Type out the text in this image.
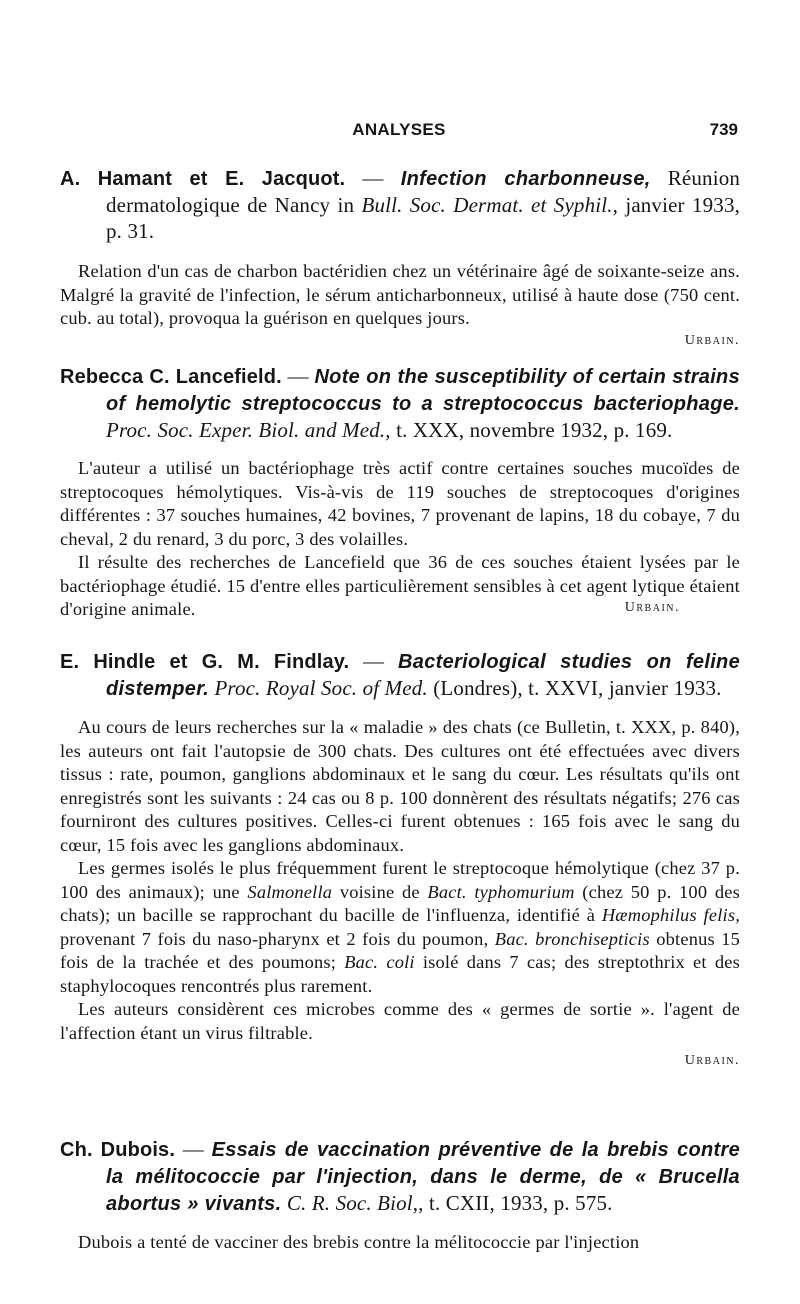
ANALYSES	739

A. Hamant et E. Jacquot. — Infection charbonneuse, Réunion dermatologique de Nancy in Bull. Soc. Dermat. et Syphil., janvier 1933, p. 31.

Relation d'un cas de charbon bactéridien chez un vétérinaire âgé de soixante-seize ans. Malgré la gravité de l'infection, le sérum anticharbonneux, utilisé à haute dose (750 cent. cub. au total), provoqua la guérison en quelques jours.

Urbain.

Rebecca C. Lancefield. — Note on the susceptibility of certain strains of hemolytic streptococcus to a streptococcus bacteriophage. Proc. Soc. Exper. Biol. and Med., t. XXX, novembre 1932, p. 169.

L'auteur a utilisé un bactériophage très actif contre certaines souches mucoïdes de streptocoques hémolytiques. Vis-à-vis de 119 souches de streptocoques d'origines différentes : 37 souches humaines, 42 bovines, 7 provenant de lapins, 18 du cobaye, 7 du cheval, 2 du renard, 3 du porc, 3 des volailles.

Il résulte des recherches de Lancefield que 36 de ces souches étaient lysées par le bactériophage étudié. 15 d'entre elles particulièrement sensibles à cet agent lytique étaient d'origine animale.	Urbain.

E. Hindle et G. M. Findlay. — Bacteriological studies on feline distemper. Proc. Royal Soc. of Med. (Londres), t. XXVI, janvier 1933.

Au cours de leurs recherches sur la « maladie » des chats (ce Bulletin, t. XXX, p. 840), les auteurs ont fait l'autopsie de 300 chats. Des cultures ont été effectuées avec divers tissus : rate, poumon, ganglions abdominaux et le sang du cœur. Les résultats qu'ils ont enregistrés sont les suivants : 24 cas ou 8 p. 100 donnèrent des résultats négatifs; 276 cas fourniront des cultures positives. Celles-ci furent obtenues : 165 fois avec le sang du cœur, 15 fois avec les ganglions abdominaux.

Les germes isolés le plus fréquemment furent le streptocoque hémolytique (chez 37 p. 100 des animaux); une Salmonella voisine de Bact. typhomurium (chez 50 p. 100 des chats); un bacille se rapprochant du bacille de l'influenza, identifié à Hæmophilus felis, provenant 7 fois du naso-pharynx et 2 fois du poumon, Bac. bronchisepticis obtenus 15 fois de la trachée et des poumons; Bac. coli isolé dans 7 cas; des streptothrix et des staphylocoques rencontrés plus rarement.

Les auteurs considèrent ces microbes comme des « germes de sortie ». l'agent de l'affection étant un virus filtrable.

Urbain.

Ch. Dubois. — Essais de vaccination préventive de la brebis contre la mélitococcie par l'injection, dans le derme, de « Brucella abortus » vivants. C. R. Soc. Biol,, t. CXII, 1933, p. 575.

Dubois a tenté de vacciner des brebis contre la mélitococcie par l'injection
